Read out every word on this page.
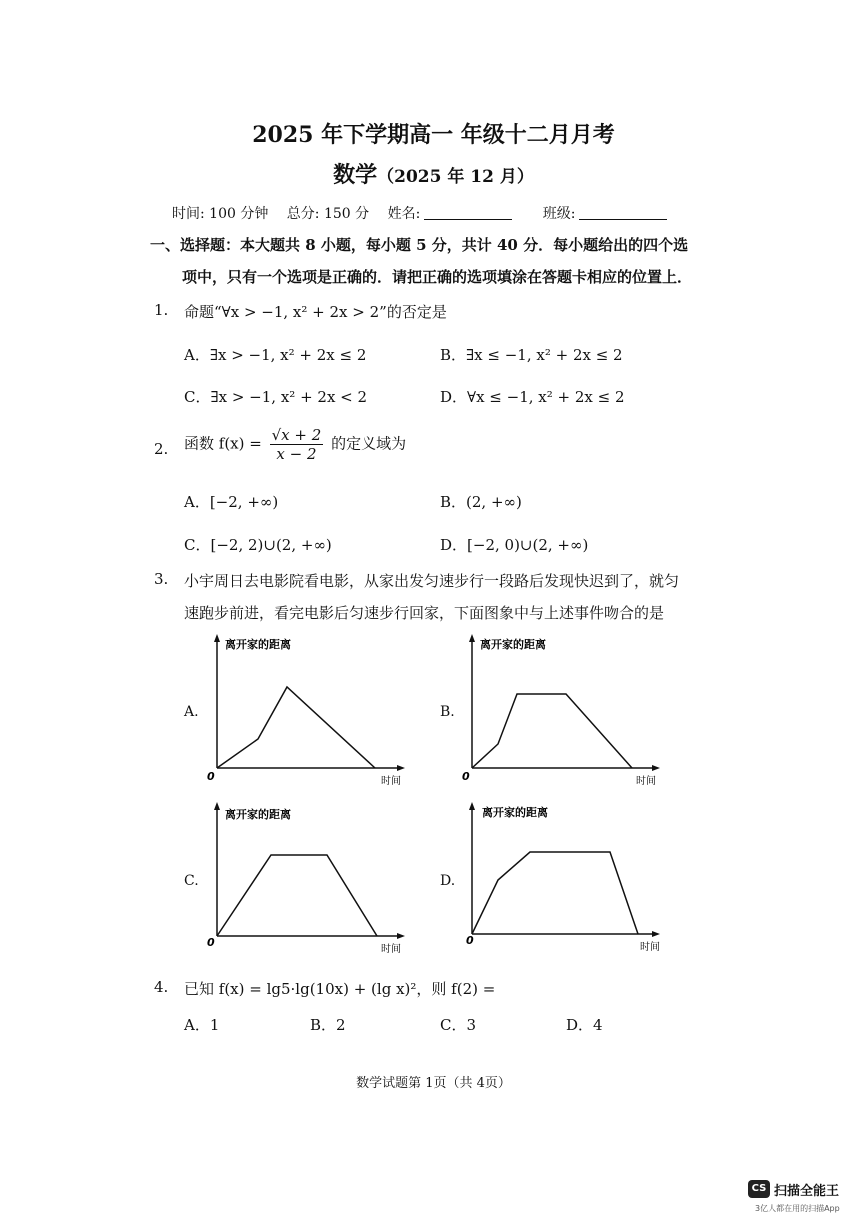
2025 年下学期高一 年级十二月月考
数学（2025 年 12 月）
时间: 100 分钟 总分: 150 分 姓名:	班级:
一、选择题：本大题共 8 小题，每小题 5 分，共计 40 分．每小题给出的四个选
项中，只有一个选项是正确的．请把正确的选项填涂在答题卡相应的位置上．
1. 命题“∀x > −1, x² + 2x > 2”的否定是
A．∃x > −1, x² + 2x ≤ 2	B．∃x ≤ −1, x² + 2x ≤ 2
C．∃x > −1, x² + 2x < 2	D．∀x ≤ −1, x² + 2x ≤ 2
2. 函数 $f(x) = \frac{√x + 2}{x - 2}$ 的定义域为
A．[−2, +∞)	B．(2, +∞)
C．[−2, 2)∪(2, +∞)	D．[−2, 0)∪(2, +∞)
3. 小宇周日去电影院看电影，从家出发匀速步行一段路后发现快迟到了，就匀
速跑步前进，看完电影后匀速步行回家，下面图象中与上述事件吻合的是
A.
离开家的距离
0	时间
B.
离开家的距离
0	时间
C.
离开家的距离
0
时间
D.
离开家的距离
0
时间
4. 已知 f(x) = lg5·lg(10x) + (lg x)²，则 f(2) =
A．1	B．2	C．3	D．4
数学试题第 1页（共 4页）
CS 扫描全能王
3亿人都在用的扫描App
